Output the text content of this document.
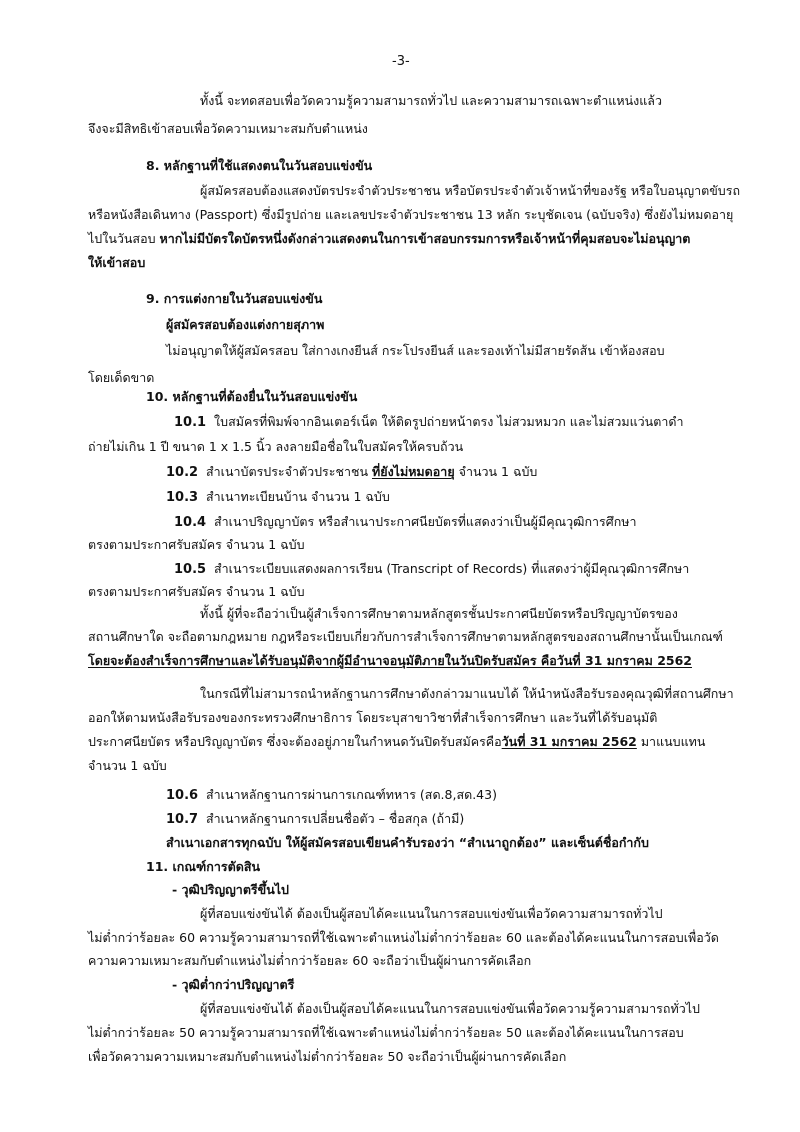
-3-
ทั้งนี้ จะทดสอบเพื่อวัดความรู้ความสามารถทั่วไป และความสามารถเฉพาะตำแหน่งแล้ว
จึงจะมีสิทธิเข้าสอบเพื่อวัดความเหมาะสมกับตำแหน่ง
8. หลักฐานที่ใช้แสดงตนในวันสอบแข่งขัน
ผู้สมัครสอบต้องแสดงบัตรประจำตัวประชาชน หรือบัตรประจำตัวเจ้าหน้าที่ของรัฐ หรือใบอนุญาตขับรถ
หรือหนังสือเดินทาง (Passport) ซึ่งมีรูปถ่าย และเลขประจำตัวประชาชน 13 หลัก ระบุชัดเจน (ฉบับจริง) ซึ่งยังไม่หมดอายุ
ไปในวันสอบ หากไม่มีบัตรใดบัตรหนึ่งดังกล่าวแสดงตนในการเข้าสอบกรรมการหรือเจ้าหน้าที่คุมสอบจะไม่อนุญาต
ให้เข้าสอบ
9. การแต่งกายในวันสอบแข่งขัน
ผู้สมัครสอบต้องแต่งกายสุภาพ
ไม่อนุญาตให้ผู้สมัครสอบ ใส่กางเกงยีนส์ กระโปรงยีนส์ และรองเท้าไม่มีสายรัดส้น เข้าห้องสอบ
โดยเด็ดขาด
10. หลักฐานที่ต้องยื่นในวันสอบแข่งขัน
10.1 ใบสมัครที่พิมพ์จากอินเตอร์เน็ต ให้ติดรูปถ่ายหน้าตรง ไม่สวมหมวก และไม่สวมแว่นตาดำ
ถ่ายไม่เกิน 1 ปี ขนาด 1 x 1.5 นิ้ว ลงลายมือชื่อในใบสมัครให้ครบถ้วน
10.2 สำเนาบัตรประจำตัวประชาชน ที่ยังไม่หมดอายุ จำนวน 1 ฉบับ
10.3 สำเนาทะเบียนบ้าน จำนวน 1 ฉบับ
10.4 สำเนาปริญญาบัตร หรือสำเนาประกาศนียบัตรที่แสดงว่าเป็นผู้มีคุณวุฒิการศึกษา
ตรงตามประกาศรับสมัคร จำนวน 1 ฉบับ
10.5 สำเนาระเบียบแสดงผลการเรียน (Transcript of Records) ที่แสดงว่าผู้มีคุณวุฒิการศึกษา
ตรงตามประกาศรับสมัคร จำนวน 1 ฉบับ
ทั้งนี้ ผู้ที่จะถือว่าเป็นผู้สำเร็จการศึกษาตามหลักสูตรชั้นประกาศนียบัตรหรือปริญญาบัตรของ
สถานศึกษาใด จะถือตามกฎหมาย กฎหรือระเบียบเกี่ยวกับการสำเร็จการศึกษาตามหลักสูตรของสถานศึกษานั้นเป็นเกณฑ์
โดยจะต้องสำเร็จการศึกษาและได้รับอนุมัติจากผู้มีอำนาจอนุมัติภายในวันปิดรับสมัคร คือวันที่ 31 มกราคม 2562
ในกรณีที่ไม่สามารถนำหลักฐานการศึกษาดังกล่าวมาแนบได้ ให้นำหนังสือรับรองคุณวุฒิที่สถานศึกษา
ออกให้ตามหนังสือรับรองของกระทรวงศึกษาธิการ โดยระบุสาขาวิชาที่สำเร็จการศึกษา และวันที่ได้รับอนุมัติ
ประกาศนียบัตร หรือปริญญาบัตร ซึ่งจะต้องอยู่ภายในกำหนดวันปิดรับสมัครคือวันที่ 31 มกราคม 2562 มาแนบแทน
จำนวน 1 ฉบับ
10.6 สำเนาหลักฐานการผ่านการเกณฑ์ทหาร (สด.8,สด.43)
10.7 สำเนาหลักฐานการเปลี่ยนชื่อตัว – ชื่อสกุล (ถ้ามี)
สำเนาเอกสารทุกฉบับ ให้ผู้สมัครสอบเขียนคำรับรองว่า “สำเนาถูกต้อง” และเซ็นต์ชื่อกำกับ
11. เกณฑ์การตัดสิน
- วุฒิปริญญาตรีขึ้นไป
ผู้ที่สอบแข่งขันได้ ต้องเป็นผู้สอบได้คะแนนในการสอบแข่งขันเพื่อวัดความสามารถทั่วไป
ไม่ต่ำกว่าร้อยละ 60 ความรู้ความสามารถที่ใช้เฉพาะตำแหน่งไม่ต่ำกว่าร้อยละ 60 และต้องได้คะแนนในการสอบเพื่อวัด
ความความเหมาะสมกับตำแหน่งไม่ต่ำกว่าร้อยละ 60 จะถือว่าเป็นผู้ผ่านการคัดเลือก
- วุฒิต่ำกว่าปริญญาตรี
ผู้ที่สอบแข่งขันได้ ต้องเป็นผู้สอบได้คะแนนในการสอบแข่งขันเพื่อวัดความรู้ความสามารถทั่วไป
ไม่ต่ำกว่าร้อยละ 50 ความรู้ความสามารถที่ใช้เฉพาะตำแหน่งไม่ต่ำกว่าร้อยละ 50 และต้องได้คะแนนในการสอบ
เพื่อวัดความความเหมาะสมกับตำแหน่งไม่ต่ำกว่าร้อยละ 50 จะถือว่าเป็นผู้ผ่านการคัดเลือก
